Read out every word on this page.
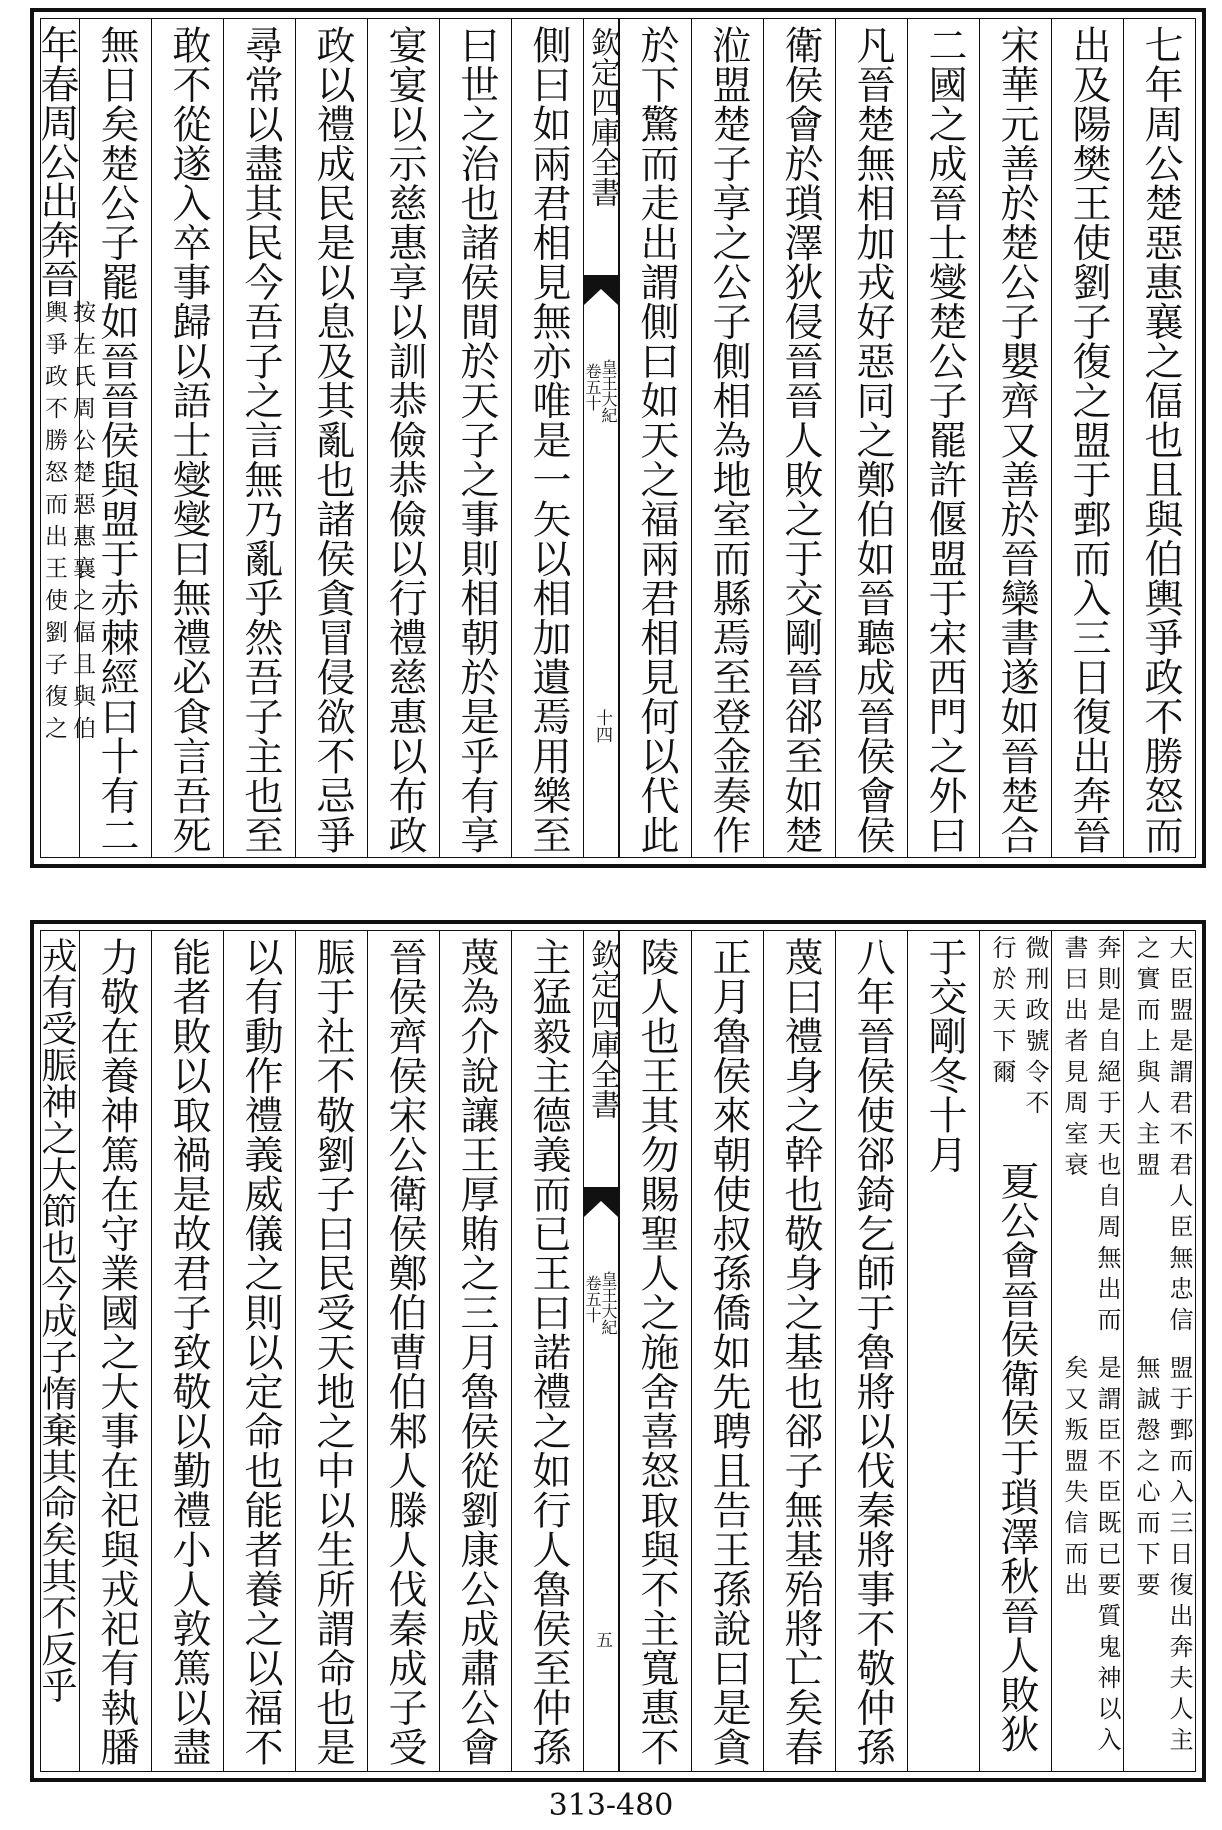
七年周公楚惡惠襄之偪也且與伯輿爭政不勝怒而
出及陽樊王使劉子復之盟于鄄而入三日復出奔晉
宋華元善於楚公子嬰齊又善於晉欒書遂如晉楚合
二國之成晉士燮楚公子罷許偃盟于宋西門之外曰
凡晉楚無相加戎好惡同之鄭伯如晉聽成晉侯會侯
衛侯會於瑣澤狄侵晉晉人敗之于交剛晉郤至如楚
涖盟楚子享之公子側相為地室而縣焉至登金奏作
於下驚而走出謂側曰如天之福兩君相見何以代此
欽定四庫全書
皇王大紀
卷五十
十四
側曰如兩君相見無亦唯是一矢以相加遺焉用樂至
曰世之治也諸侯間於天子之事則相朝於是乎有享
宴宴以示慈惠享以訓恭儉恭儉以行禮慈惠以布政
政以禮成民是以息及其亂也諸侯貪冒侵欲不忌爭
尋常以盡其民今吾子之言無乃亂乎然吾子主也至
敢不從遂入卒事歸以語士燮燮曰無禮必食言吾死
無日矣楚公子罷如晉晉侯與盟于赤棘經曰十有二
年春周公出奔晉
按左氏周公楚惡惠襄之偪且與伯
輿爭政不勝怒而出王使劉子復之
盟于鄄而入三日復出奔夫人主無誠慤之心而下要
大臣盟是謂君不君人臣無忠信之實而上與人主盟
是謂臣不臣既已要質鬼神以入矣又叛盟失信而出
奔則是自絕于天也自周無出而書曰出者見周室衰
微刑政號令不
行於天下爾
夏公會晉侯衛侯于瑣澤秋晉人敗狄
于交剛冬十月
八年晉侯使郤錡乞師于魯將以伐秦將事不敬仲孫
蔑曰禮身之幹也敬身之基也郤子無基殆將亡矣春
正月魯侯來朝使叔孫僑如先聘且告王孫說曰是貪
陵人也王其勿賜聖人之施舍喜怒取與不主寬惠不
欽定四庫全書
皇王大紀
卷五十
五
主猛毅主德義而已王曰諾禮之如行人魯侯至仲孫
蔑為介說讓王厚賄之三月魯侯從劉康公成肅公會
晉侯齊侯宋公衛侯鄭伯曹伯邾人滕人伐秦成子受
脤于社不敬劉子曰民受天地之中以生所謂命也是
以有動作禮義威儀之則以定命也能者養之以福不
能者敗以取禍是故君子致敬以勤禮小人敦篤以盡
力敬在養神篤在守業國之大事在祀與戎祀有執膰
戎有受脤神之大節也今成子惰棄其命矣其不反乎
313-480
